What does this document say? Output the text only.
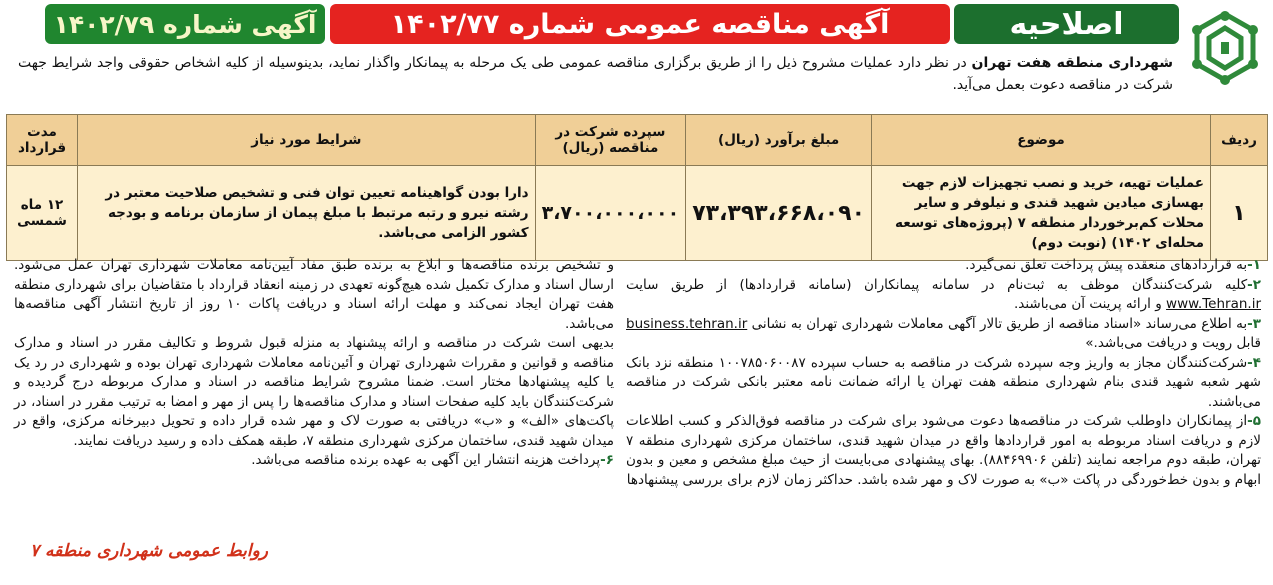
اصلاحیه
آگهی مناقصه عمومی شماره ۱۴۰۲/۷۷
آگهی شماره ۱۴۰۲/۷۹
شهرداری منطقه هفت تهران در نظر دارد عملیات مشروح ذیل را از طریق برگزاری مناقصه عمومی طی یک مرحله به پیمانکار واگذار نماید، بدینوسیله از کلیه اشخاص حقوقی واجد شرایط جهت شرکت در مناقصه دعوت بعمل می‌آید.
ردیف	موضوع	مبلغ برآورد (ریال)	سپرده شرکت در مناقصه (ریال)	شرایط مورد نیاز	مدت قرارداد
۱	عملیات تهیه، خرید و نصب تجهیزات لازم جهت بهسازی میادین شهید قندی و نیلوفر و سایر محلات کم‌برخوردار منطقه ۷ (پروژه‌های توسعه محله‌ای ۱۴۰۲) (نوبت دوم)	۷۳،۳۹۳،۶۶۸،۰۹۰	۳،۷۰۰،۰۰۰،۰۰۰	دارا بودن گواهینامه تعیین توان فنی و تشخیص صلاحیت معتبر در رشته نیرو و رتبه مرتبط با مبلغ پیمان از سازمان برنامه و بودجه کشور الزامی می‌باشد.	۱۲ ماه شمسی

۱-به قراردادهای منعقده پیش پرداخت تعلق نمی‌گیرد.

۲-کلیه شرکت‌کنندگان موظف به ثبت‌نام در سامانه پیمانکاران (سامانه قراردادها) از طریق سایت www.Tehran.ir و ارائه پرینت آن می‌باشند.

۳-به اطلاع می‌رساند «اسناد مناقصه از طریق تالار آگهی معاملات شهرداری تهران به نشانی business.tehran.ir قابل رویت و دریافت می‌باشد.»

۴-شرکت‌کنندگان مجاز به واریز وجه سپرده شرکت در مناقصه به حساب سپرده ۱۰۰۷۸۵۰۶۰۰۸۷ منطقه نزد بانک شهر شعبه شهید قندی بنام شهرداری منطقه هفت تهران یا ارائه ضمانت نامه معتبر بانکی شرکت در مناقصه می‌باشند.

۵-از پیمانکاران داوطلب شرکت در مناقصه‌ها دعوت می‌شود برای شرکت در مناقصه فوق‌الذکر و کسب اطلاعات لازم و دریافت اسناد مربوطه به امور قراردادها واقع در میدان شهید قندی، ساختمان مرکزی شهرداری منطقه ۷ تهران، طبقه دوم مراجعه نمایند (تلفن ۸۸۴۶۹۹۰۶). بهای پیشنهادی می‌بایست از حیث مبلغ مشخص و معین و بدون ابهام و بدون خط‌خوردگی در پاکت «ب» به صورت لاک و مهر شده باشد. حداکثر زمان لازم برای بررسی پیشنهادها

و تشخیص برنده مناقصه‌ها و ابلاغ به برنده طبق مفاد آیین‌نامه معاملات شهرداری تهران عمل می‌شود. ارسال اسناد و مدارک تکمیل شده هیچ‌گونه تعهدی در زمینه انعقاد قرارداد با متقاضیان برای شهرداری منطقه هفت تهران ایجاد نمی‌کند و مهلت ارائه اسناد و دریافت پاکات ۱۰ روز از تاریخ انتشار آگهی مناقصه‌ها می‌باشد.

بدیهی است شرکت در مناقصه و ارائه پیشنهاد به منزله قبول شروط و تکالیف مقرر در اسناد و مدارک مناقصه و قوانین و مقررات شهرداری تهران و آئین‌نامه معاملات شهرداری تهران بوده و شهرداری در رد یک یا کلیه پیشنهادها مختار است. ضمنا مشروح شرایط مناقصه در اسناد و مدارک مربوطه درج گردیده و شرکت‌کنندگان باید کلیه صفحات اسناد و مدارک مناقصه‌ها را پس از مهر و امضا به ترتیب مقرر در اسناد، در پاکت‌های «الف» و «ب» دریافتی به صورت لاک و مهر شده قرار داده و تحویل دبیرخانه مرکزی، واقع در میدان شهید قندی، ساختمان مرکزی شهرداری منطقه ۷، طبقه همکف داده و رسید دریافت نمایند.

۶-پرداخت هزینه انتشار این آگهی به عهده برنده مناقصه می‌باشد.

روابط عمومی شهرداری منطقه ۷
